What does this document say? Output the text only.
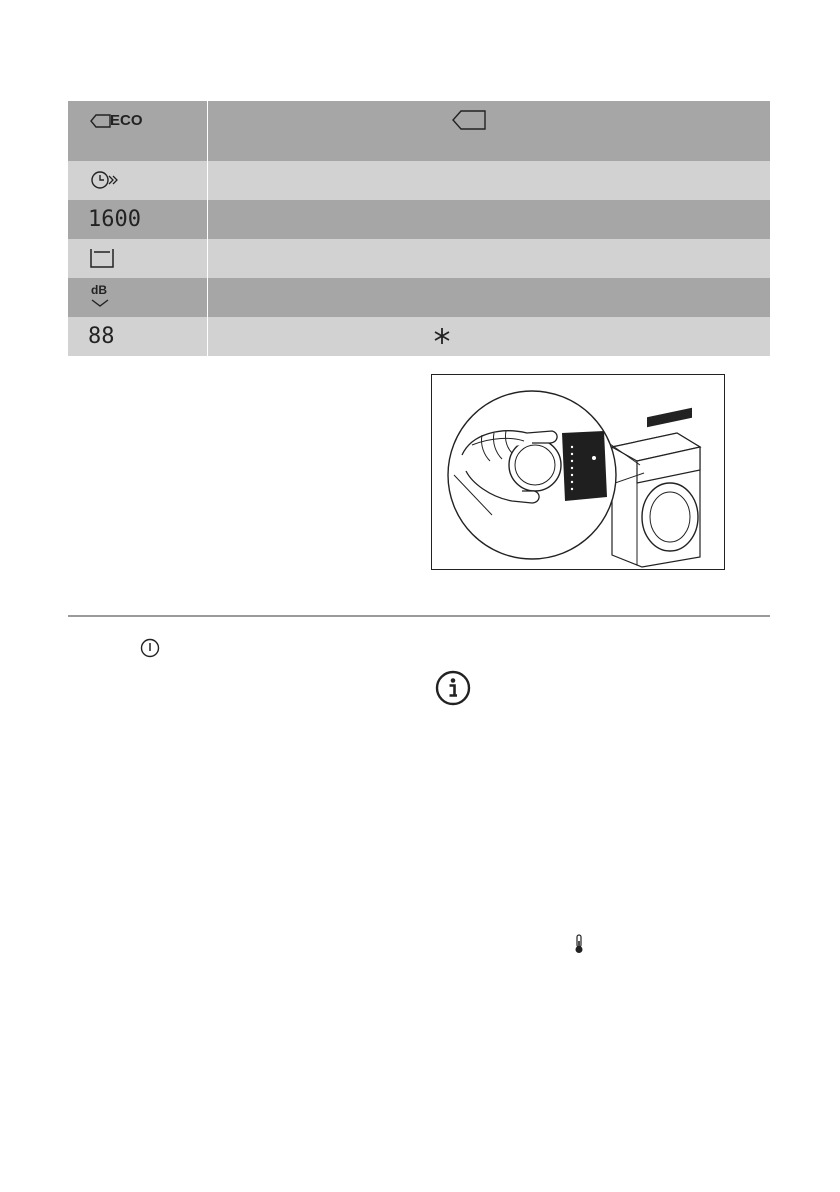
ECO
1600
dB
88
